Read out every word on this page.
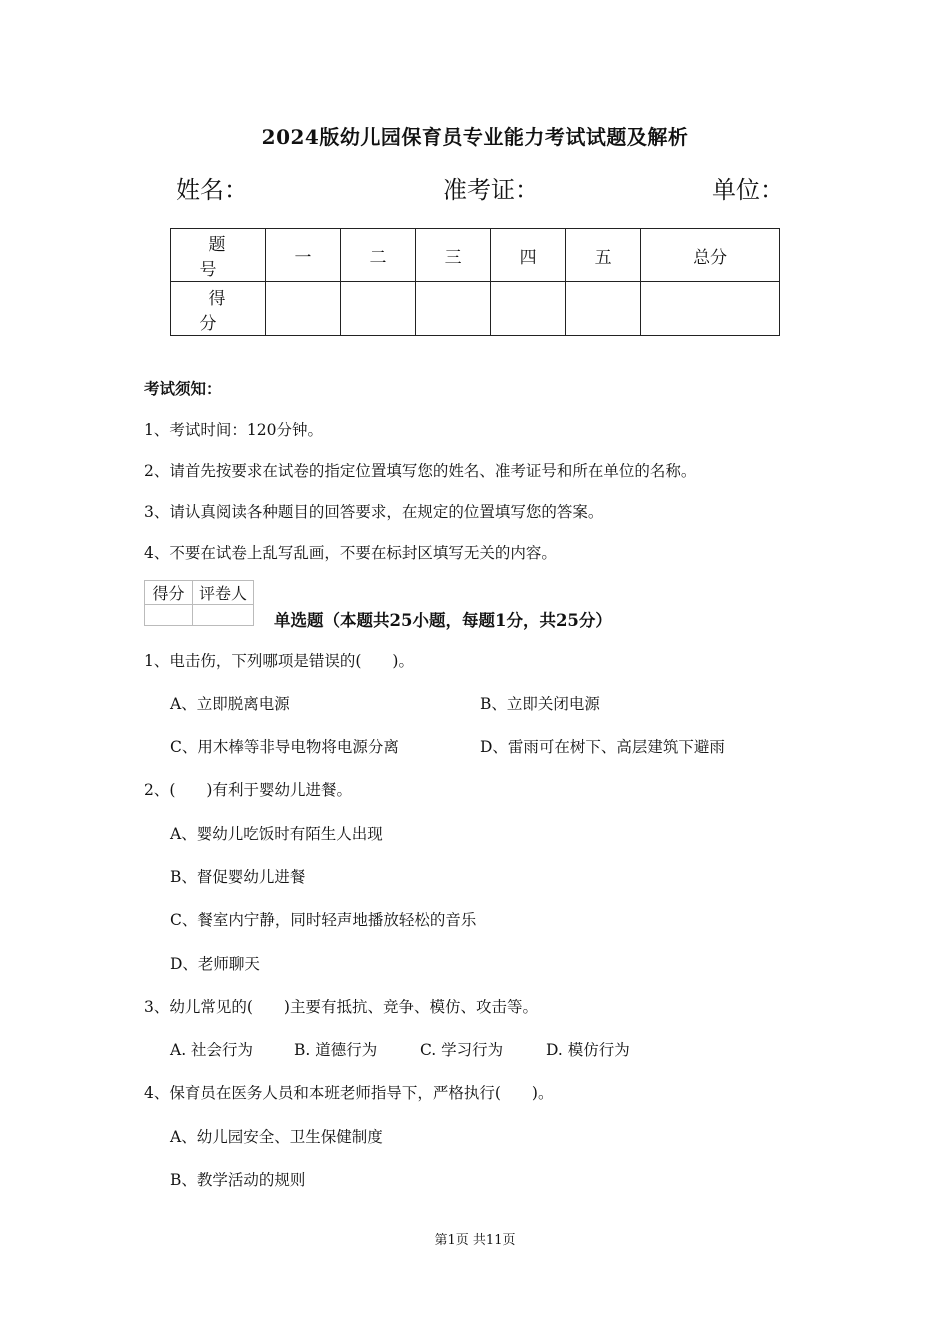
2024版幼儿园保育员专业能力考试试题及解析
姓名：	准考证：	单位：
题　号	一	二	三	四	五	总分
得　分						
考试须知：
1、考试时间：120分钟。
2、请首先按要求在试卷的指定位置填写您的姓名、准考证号和所在单位的名称。
3、请认真阅读各种题目的回答要求，在规定的位置填写您的答案。
4、不要在试卷上乱写乱画，不要在标封区填写无关的内容。
得分	评卷人

单选题（本题共25小题，每题1分，共25分）
1、电击伤，下列哪项是错误的(　　)。
A、立即脱离电源	B、立即关闭电源
C、用木棒等非导电物将电源分离	D、雷雨可在树下、高层建筑下避雨
2、(　　)有利于婴幼儿进餐。
A、婴幼儿吃饭时有陌生人出现
B、督促婴幼儿进餐
C、餐室内宁静，同时轻声地播放轻松的音乐
D、老师聊天
3、幼儿常见的(　　)主要有抵抗、竞争、模仿、攻击等。
A. 社会行为	B. 道德行为	C. 学习行为	D. 模仿行为
4、保育员在医务人员和本班老师指导下，严格执行(　　)。
A、幼儿园安全、卫生保健制度
B、教学活动的规则
第1页 共11页
